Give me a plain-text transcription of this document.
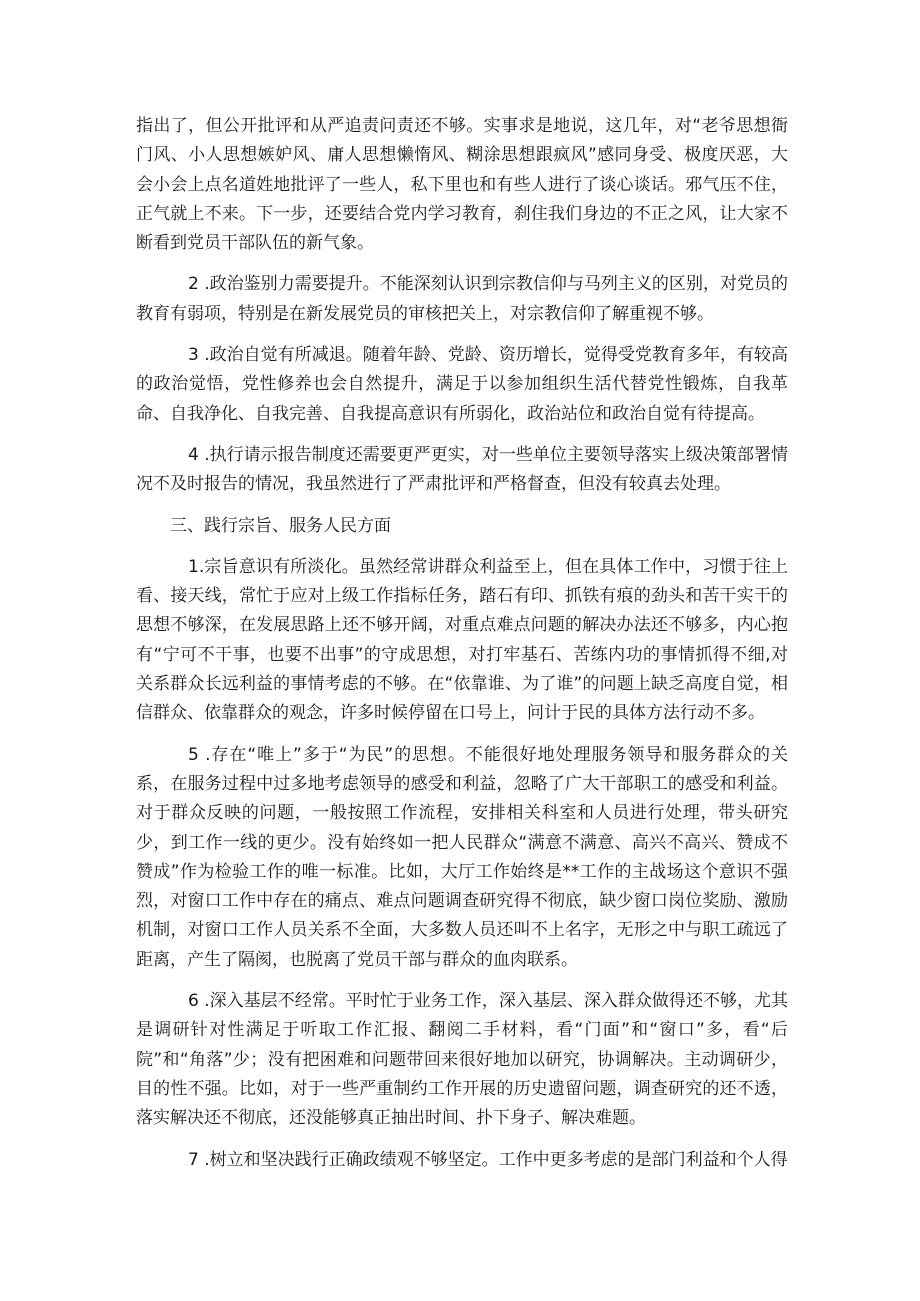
指出了，但公开批评和从严追责问责还不够。实事求是地说，这几年，对“老爷思想衙门风、小人思想嫉妒风、庸人思想懒惰风、糊涂思想跟疯风”感同身受、极度厌恶，大会小会上点名道姓地批评了一些人，私下里也和有些人进行了谈心谈话。邪气压不住，正气就上不来。下一步，还要结合党内学习教育，刹住我们身边的不正之风，让大家不断看到党员干部队伍的新气象。

2 .政治鉴别力需要提升。不能深刻认识到宗教信仰与马列主义的区别，对党员的教育有弱项，特别是在新发展党员的审核把关上，对宗教信仰了解重视不够。

3 .政治自觉有所减退。随着年龄、党龄、资历增长，觉得受党教育多年，有较高的政治觉悟，党性修养也会自然提升，满足于以参加组织生活代替党性锻炼，自我革命、自我净化、自我完善、自我提高意识有所弱化，政治站位和政治自觉有待提高。

4 .执行请示报告制度还需要更严更实，对一些单位主要领导落实上级决策部署情况不及时报告的情况，我虽然进行了严肃批评和严格督查，但没有较真去处理。

三、践行宗旨、服务人民方面

1.宗旨意识有所淡化。虽然经常讲群众利益至上，但在具体工作中，习惯于往上看、接天线，常忙于应对上级工作指标任务，踏石有印、抓铁有痕的劲头和苦干实干的思想不够深，在发展思路上还不够开阔，对重点难点问题的解决办法还不够多，内心抱有“宁可不干事，也要不出事”的守成思想，对打牢基石、苦练内功的事情抓得不细,对关系群众长远利益的事情考虑的不够。在“依靠谁、为了谁”的问题上缺乏高度自觉，相信群众、依靠群众的观念，许多时候停留在口号上，问计于民的具体方法行动不多。

5 .存在“唯上”多于“为民”的思想。不能很好地处理服务领导和服务群众的关系，在服务过程中过多地考虑领导的感受和利益，忽略了广大干部职工的感受和利益。对于群众反映的问题，一般按照工作流程，安排相关科室和人员进行处理，带头研究少，到工作一线的更少。没有始终如一把人民群众“满意不满意、高兴不高兴、赞成不赞成”作为检验工作的唯一标准。比如，大厅工作始终是**工作的主战场这个意识不强烈，对窗口工作中存在的痛点、难点问题调查研究得不彻底，缺少窗口岗位奖励、激励机制，对窗口工作人员关系不全面，大多数人员还叫不上名字，无形之中与职工疏远了距离，产生了隔阂，也脱离了党员干部与群众的血肉联系。

6 .深入基层不经常。平时忙于业务工作，深入基层、深入群众做得还不够，尤其是调研针对性满足于听取工作汇报、翻阅二手材料，看“门面”和“窗口”多，看“后院”和“角落”少；没有把困难和问题带回来很好地加以研究，协调解决。主动调研少，目的性不强。比如，对于一些严重制约工作开展的历史遗留问题，调查研究的还不透，落实解决还不彻底，还没能够真正抽出时间、扑下身子、解决难题。

7 .树立和坚决践行正确政绩观不够坚定。工作中更多考虑的是部门利益和个人得
